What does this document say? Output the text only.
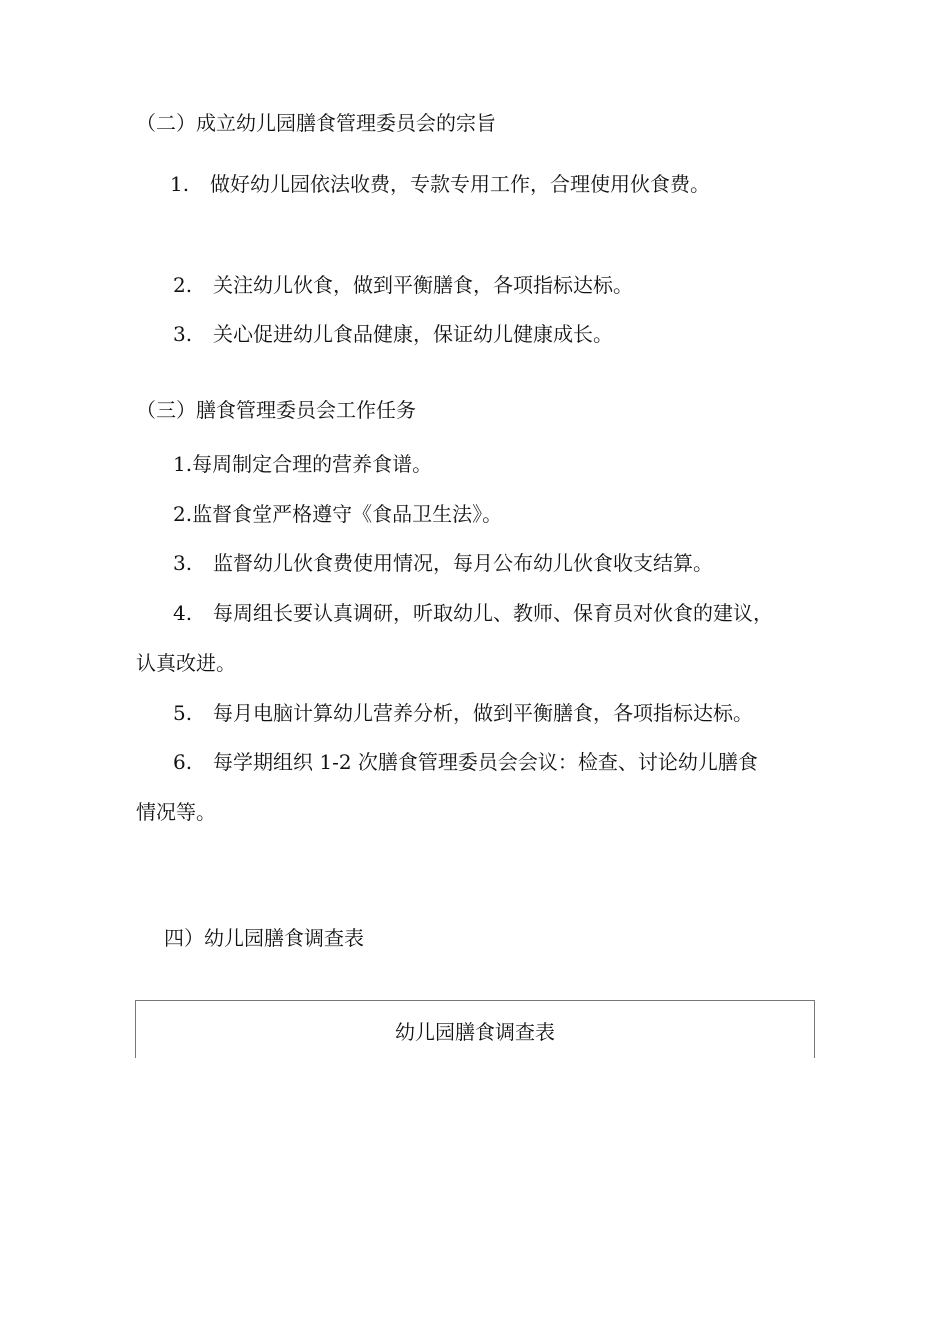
（二）成立幼儿园膳食管理委员会的宗旨
1. 做好幼儿园依法收费，专款专用工作，合理使用伙食费。
2. 关注幼儿伙食，做到平衡膳食，各项指标达标。
3. 关心促进幼儿食品健康，保证幼儿健康成长。
（三）膳食管理委员会工作任务
1.每周制定合理的营养食谱。
2.监督食堂严格遵守《食品卫生法》。
3. 监督幼儿伙食费使用情况，每月公布幼儿伙食收支结算。
4. 每周组长要认真调研，听取幼儿、教师、保育员对伙食的建议，
认真改进。
5. 每月电脑计算幼儿营养分析，做到平衡膳食，各项指标达标。
6. 每学期组织 1-2 次膳食管理委员会会议：检查、讨论幼儿膳食
情况等。
四）幼儿园膳食调查表
幼儿园膳食调查表
